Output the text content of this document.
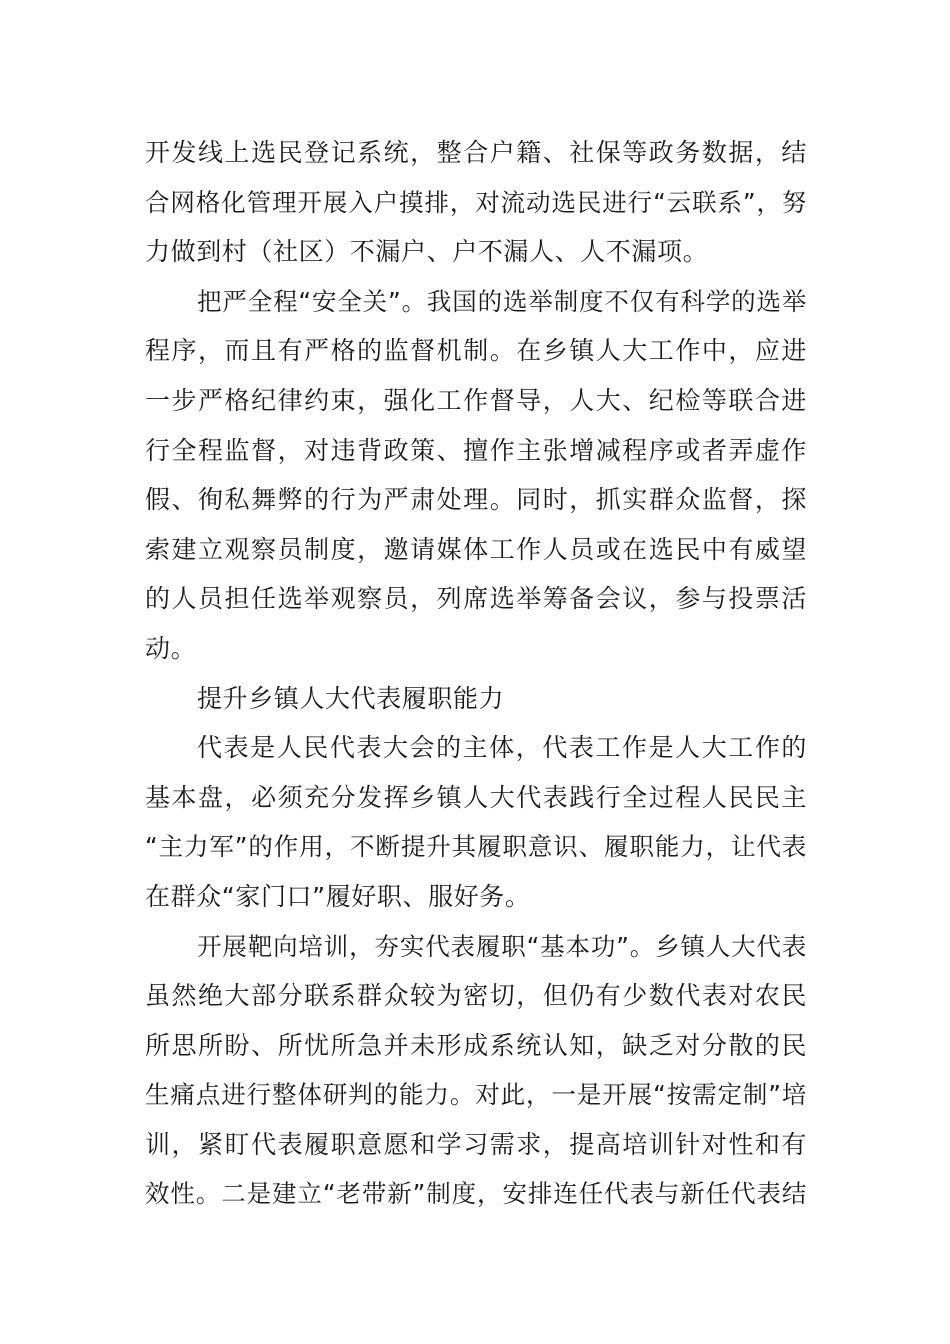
开发线上选民登记系统，整合户籍、社保等政务数据，结
合网格化管理开展入户摸排，对流动选民进行“云联系”，努
力做到村（社区）不漏户、户不漏人、人不漏项。

把严全程“安全关”。我国的选举制度不仅有科学的选举
程序，而且有严格的监督机制。在乡镇人大工作中，应进
一步严格纪律约束，强化工作督导，人大、纪检等联合进
行全程监督，对违背政策、擅作主张增减程序或者弄虚作
假、徇私舞弊的行为严肃处理。同时，抓实群众监督，探
索建立观察员制度，邀请媒体工作人员或在选民中有威望
的人员担任选举观察员，列席选举筹备会议，参与投票活
动。

提升乡镇人大代表履职能力

代表是人民代表大会的主体，代表工作是人大工作的
基本盘，必须充分发挥乡镇人大代表践行全过程人民民主
“主力军”的作用，不断提升其履职意识、履职能力，让代表
在群众“家门口”履好职、服好务。

开展靶向培训，夯实代表履职“基本功”。乡镇人大代表
虽然绝大部分联系群众较为密切，但仍有少数代表对农民
所思所盼、所忧所急并未形成系统认知，缺乏对分散的民
生痛点进行整体研判的能力。对此，一是开展“按需定制”培
训，紧盯代表履职意愿和学习需求，提高培训针对性和有
效性。二是建立“老带新”制度，安排连任代表与新任代表结
